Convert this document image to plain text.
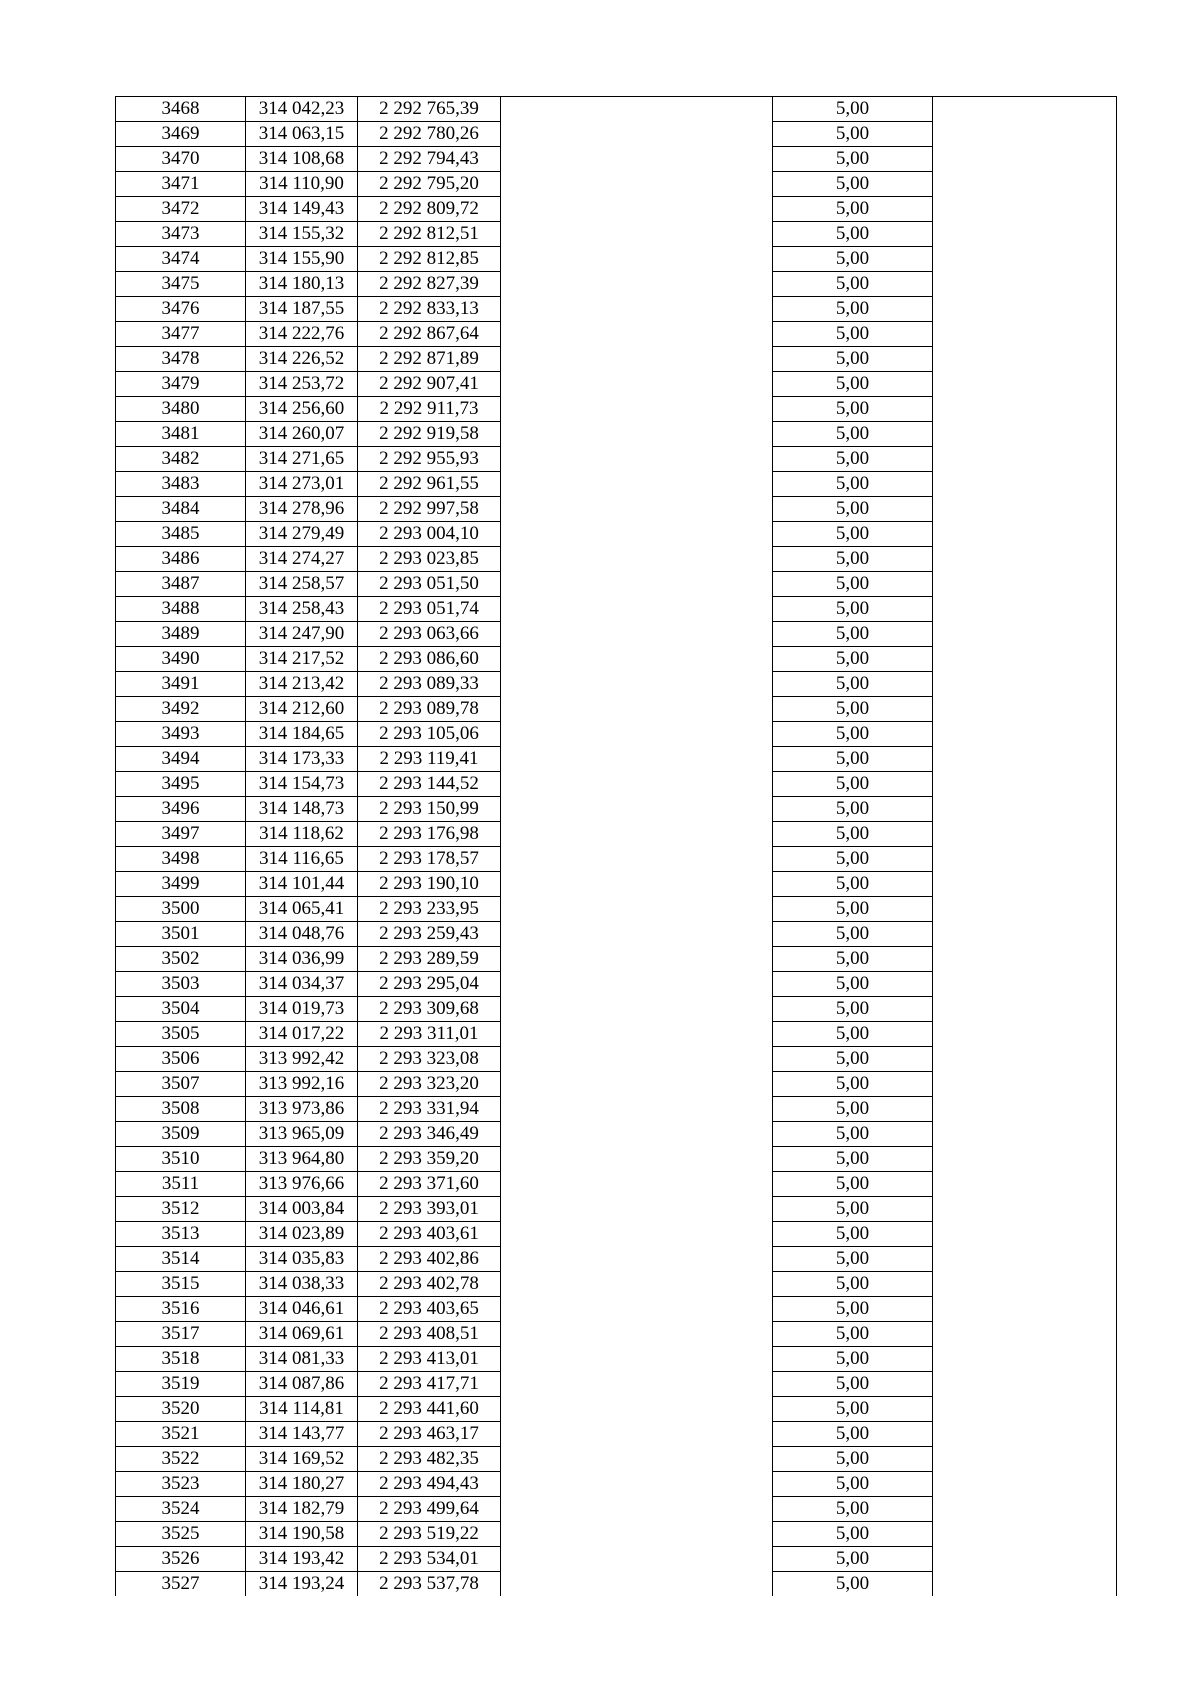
3468	314 042,23	2 292 765,39		5,00	
3469	314 063,15	2 292 780,26		5,00	
3470	314 108,68	2 292 794,43		5,00	
3471	314 110,90	2 292 795,20		5,00	
3472	314 149,43	2 292 809,72		5,00	
3473	314 155,32	2 292 812,51		5,00	
3474	314 155,90	2 292 812,85		5,00	
3475	314 180,13	2 292 827,39		5,00	
3476	314 187,55	2 292 833,13		5,00	
3477	314 222,76	2 292 867,64		5,00	
3478	314 226,52	2 292 871,89		5,00	
3479	314 253,72	2 292 907,41		5,00	
3480	314 256,60	2 292 911,73		5,00	
3481	314 260,07	2 292 919,58		5,00	
3482	314 271,65	2 292 955,93		5,00	
3483	314 273,01	2 292 961,55		5,00	
3484	314 278,96	2 292 997,58		5,00	
3485	314 279,49	2 293 004,10		5,00	
3486	314 274,27	2 293 023,85		5,00	
3487	314 258,57	2 293 051,50		5,00	
3488	314 258,43	2 293 051,74		5,00	
3489	314 247,90	2 293 063,66		5,00	
3490	314 217,52	2 293 086,60		5,00	
3491	314 213,42	2 293 089,33		5,00	
3492	314 212,60	2 293 089,78		5,00	
3493	314 184,65	2 293 105,06		5,00	
3494	314 173,33	2 293 119,41		5,00	
3495	314 154,73	2 293 144,52		5,00	
3496	314 148,73	2 293 150,99		5,00	
3497	314 118,62	2 293 176,98		5,00	
3498	314 116,65	2 293 178,57		5,00	
3499	314 101,44	2 293 190,10		5,00	
3500	314 065,41	2 293 233,95		5,00	
3501	314 048,76	2 293 259,43		5,00	
3502	314 036,99	2 293 289,59		5,00	
3503	314 034,37	2 293 295,04		5,00	
3504	314 019,73	2 293 309,68		5,00	
3505	314 017,22	2 293 311,01		5,00	
3506	313 992,42	2 293 323,08		5,00	
3507	313 992,16	2 293 323,20		5,00	
3508	313 973,86	2 293 331,94		5,00	
3509	313 965,09	2 293 346,49		5,00	
3510	313 964,80	2 293 359,20		5,00	
3511	313 976,66	2 293 371,60		5,00	
3512	314 003,84	2 293 393,01		5,00	
3513	314 023,89	2 293 403,61		5,00	
3514	314 035,83	2 293 402,86		5,00	
3515	314 038,33	2 293 402,78		5,00	
3516	314 046,61	2 293 403,65		5,00	
3517	314 069,61	2 293 408,51		5,00	
3518	314 081,33	2 293 413,01		5,00	
3519	314 087,86	2 293 417,71		5,00	
3520	314 114,81	2 293 441,60		5,00	
3521	314 143,77	2 293 463,17		5,00	
3522	314 169,52	2 293 482,35		5,00	
3523	314 180,27	2 293 494,43		5,00	
3524	314 182,79	2 293 499,64		5,00	
3525	314 190,58	2 293 519,22		5,00	
3526	314 193,42	2 293 534,01		5,00	
3527	314 193,24	2 293 537,78		5,00	
